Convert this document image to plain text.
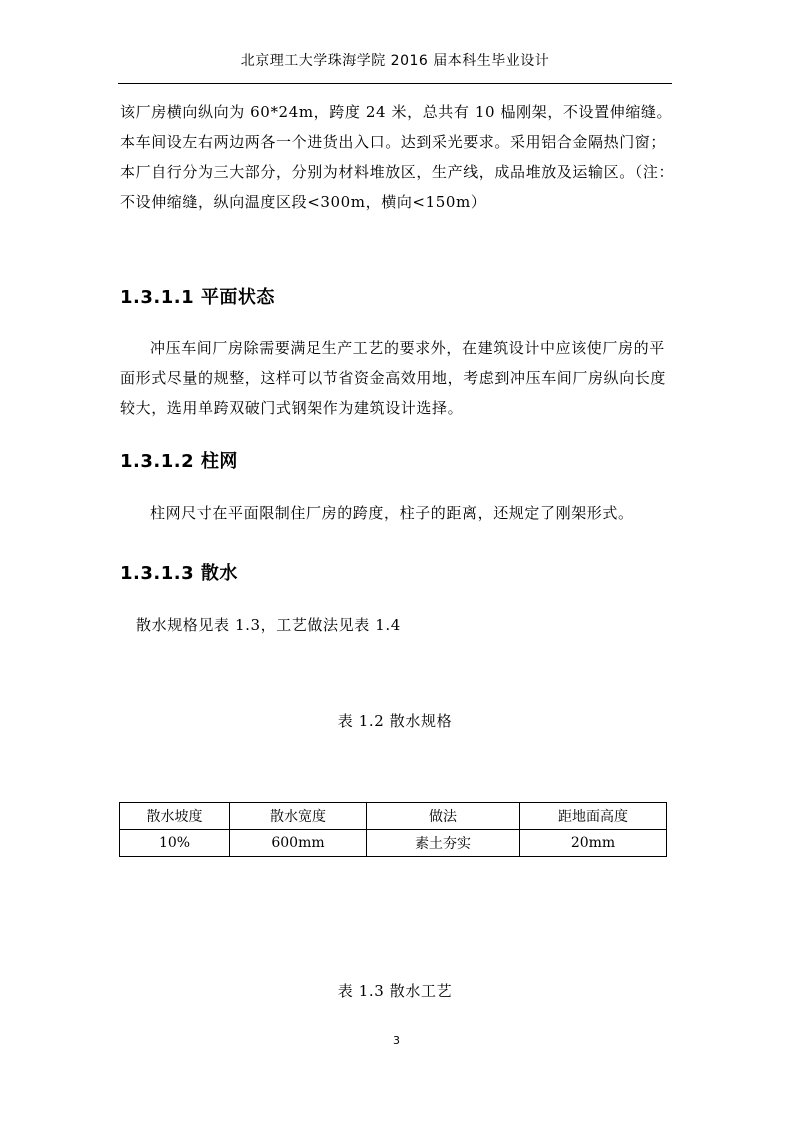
北京理工大学珠海学院 2016 届本科生毕业设计

该厂房横向纵向为 60*24m，跨度 24 米，总共有 10 榀刚架，不设置伸缩缝。本车间设左右两边两各一个进货出入口。达到采光要求。采用铝合金隔热门窗；本厂自行分为三大部分，分别为材料堆放区，生产线，成品堆放及运输区。（注：不设伸缩缝，纵向温度区段<300m，横向<150m）

1.3.1.1 平面状态

冲压车间厂房除需要满足生产工艺的要求外，在建筑设计中应该使厂房的平面形式尽量的规整，这样可以节省资金高效用地，考虑到冲压车间厂房纵向长度较大，选用单跨双破门式钢架作为建筑设计选择。

1.3.1.2 柱网

柱网尺寸在平面限制住厂房的跨度，柱子的距离，还规定了刚架形式。

1.3.1.3 散水

散水规格见表 1.3，工艺做法见表 1.4

表 1.2 散水规格
散水坡度	散水宽度	做法	距地面高度
10%	600mm	素土夯实	20mm
表 1.3 散水工艺
3
